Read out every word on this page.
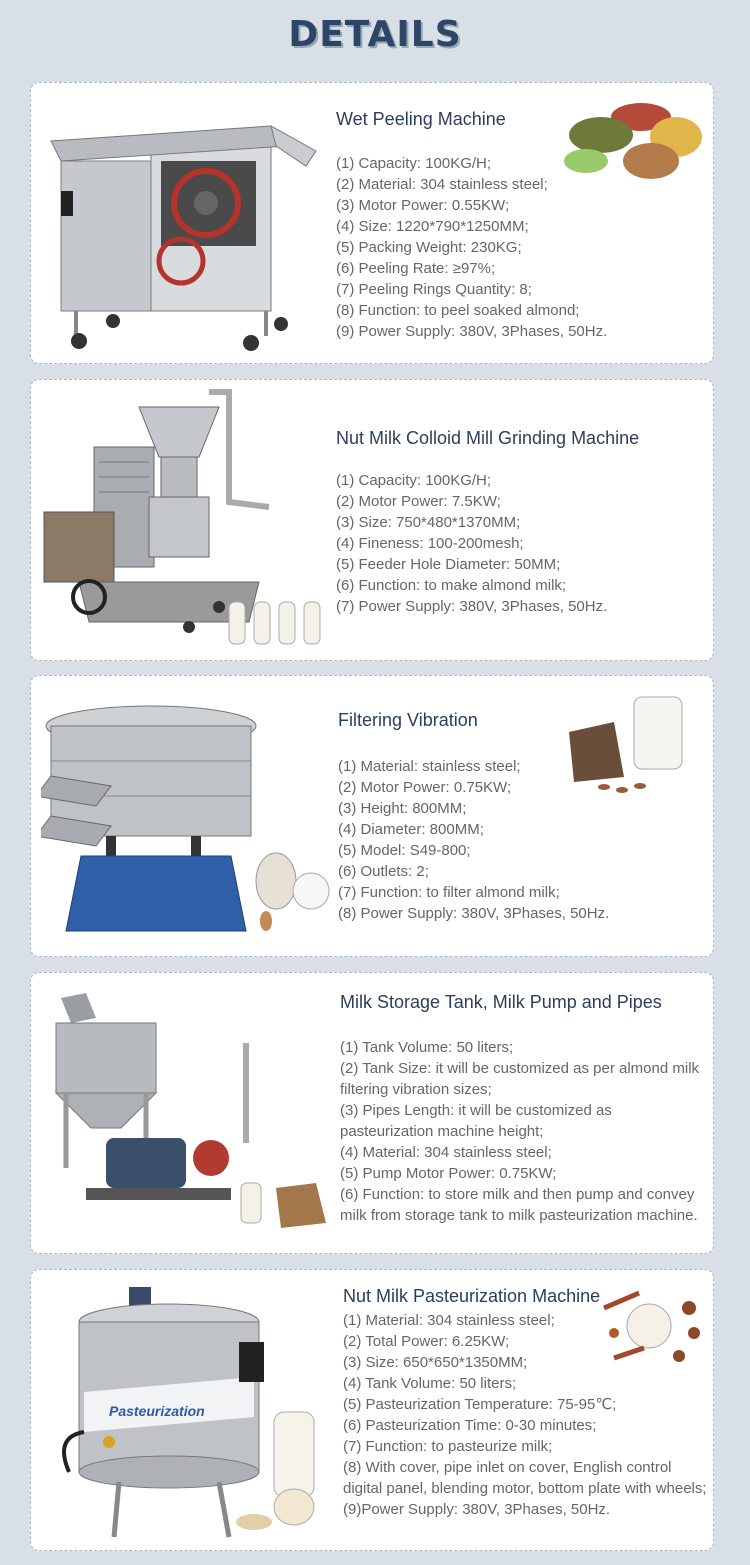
DETAILS
Wet Peeling Machine
(1) Capacity: 100KG/H;
(2) Material: 304 stainless steel;
(3) Motor Power: 0.55KW;
(4) Size: 1220*790*1250MM;
(5) Packing Weight: 230KG;
(6) Peeling Rate: ≥97%;
(7) Peeling Rings Quantity: 8;
(8) Function: to peel soaked almond;
(9) Power Supply: 380V, 3Phases, 50Hz.
Nut Milk Colloid Mill Grinding Machine
(1) Capacity: 100KG/H;
(2) Motor Power: 7.5KW;
(3) Size: 750*480*1370MM;
(4) Fineness: 100-200mesh;
(5) Feeder Hole Diameter: 50MM;
(6) Function: to make almond milk;
(7) Power Supply: 380V, 3Phases, 50Hz.
Filtering Vibration
(1) Material: stainless steel;
(2) Motor Power: 0.75KW;
(3) Height: 800MM;
(4) Diameter: 800MM;
(5) Model: S49-800;
(6) Outlets: 2;
(7) Function: to filter almond milk;
(8) Power Supply: 380V, 3Phases, 50Hz.
Milk Storage Tank, Milk Pump and Pipes
(1) Tank Volume: 50 liters;
(2) Tank Size: it will be customized as per almond milk filtering vibration sizes;
(3) Pipes Length: it will be customized as pasteurization machine height;
(4) Material: 304 stainless steel;
(5) Pump Motor Power: 0.75KW;
(6) Function: to store milk and then pump and convey milk from storage tank to milk pasteurization machine.
Pasteurization
Nut Milk Pasteurization Machine
(1) Material: 304 stainless steel;
(2) Total Power: 6.25KW;
(3) Size: 650*650*1350MM;
(4) Tank Volume: 50 liters;
(5) Pasteurization Temperature: 75-95℃;
(6) Pasteurization Time: 0-30 minutes;
(7) Function: to pasteurize milk;
(8) With cover, pipe inlet on cover, English control digital panel, blending motor, bottom plate with wheels;
(9)Power Supply: 380V, 3Phases, 50Hz.
